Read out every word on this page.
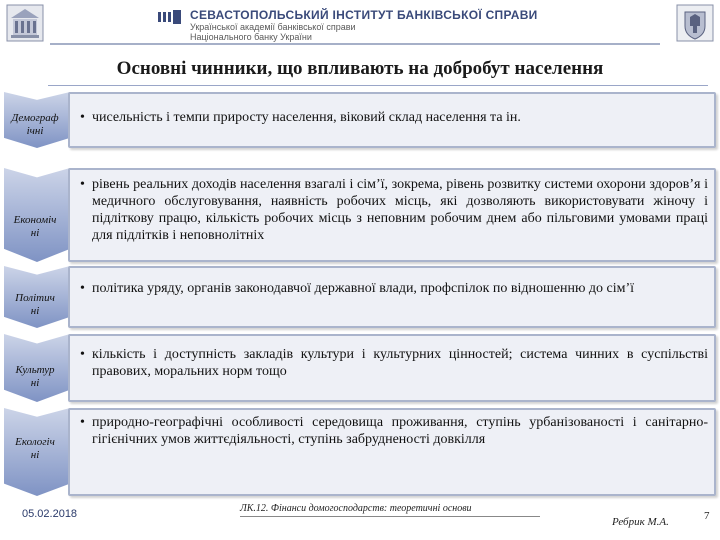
СЕВАСТОПОЛЬСЬКИЙ ІНСТИТУТ БАНКІВСЬКОЇ СПРАВИ
Української академії банківської справи
Національного банку України
Основні чинники, що впливають на добробут населення
Демограф
ічні
• чисельність і темпи приросту населення, віковий склад населення та ін.
Економіч
ні
• рівень реальних доходів населення взагалі і сім’ї, зокрема, рівень розвитку системи охорони здоров’я і медичного обслуговування, наявність робочих місць, які дозволяють використовувати жіночу і підліткову працю, кількість робочих місць з неповним робочим днем або пільговими умовами праці для підлітків і неповнолітніх
Політич
ні
• політика уряду, органів законодавчої державної влади, профспілок по відношенню до сім’ї
Культур
ні
• кількість і доступність закладів культури і культурних цінностей; система чинних в суспільстві правових, моральних норм тощо
Екологіч
ні
• природно-географічні особливості середовища проживання, ступінь урбанізованості і санітарно-гігієнічних умов життєдіяльності, ступінь забрудненості довкілля
05.02.2018	ЛК.12. Фінанси домогосподарств: теоретичні основи
Ребрик М.А.	7
